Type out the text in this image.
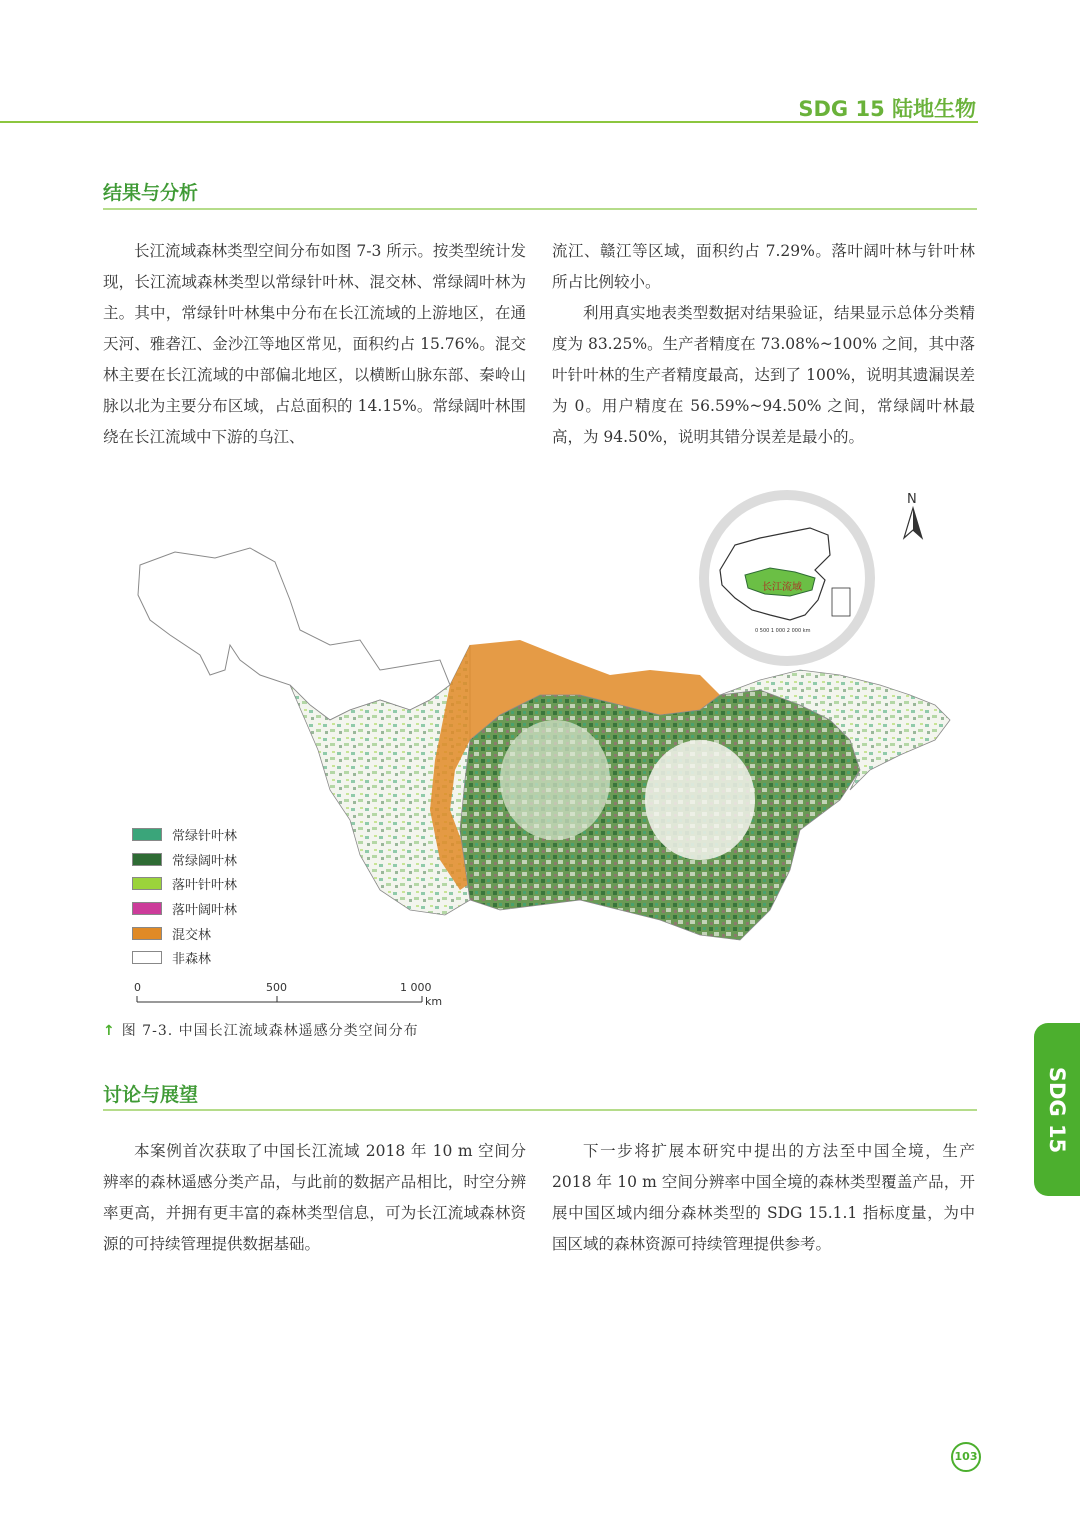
SDG 15 陆地生物
结果与分析

长江流域森林类型空间分布如图 7-3 所示。按类型统计发现，长江流域森林类型以常绿针叶林、混交林、常绿阔叶林为主。其中，常绿针叶林集中分布在长江流域的上游地区，在通天河、雅砻江、金沙江等地区常见，面积约占 15.76%。混交林主要在长江流域的中部偏北地区，以横断山脉东部、秦岭山脉以北为主要分布区域，占总面积的 14.15%。常绿阔叶林围绕在长江流域中下游的乌江、

流江、赣江等区域，面积约占 7.29%。落叶阔叶林与针叶林所占比例较小。

利用真实地表类型数据对结果验证，结果显示总体分类精度为 83.25%。生产者精度在 73.08%~100% 之间，其中落叶针叶林的生产者精度最高，达到了 100%，说明其遗漏误差为 0。用户精度在 56.59%~94.50% 之间，常绿阔叶林最高，为 94.50%，说明其错分误差是最小的。

长江流域
0 500 1 000 2 000 km
N
常绿针叶林
常绿阔叶林
落叶针叶林
落叶阔叶林
混交林
非森林
0	500	1 000
km
↑ 图 7-3. 中国长江流域森林遥感分类空间分布
讨论与展望

本案例首次获取了中国长江流域 2018 年 10 m 空间分辨率的森林遥感分类产品，与此前的数据产品相比，时空分辨率更高，并拥有更丰富的森林类型信息，可为长江流域森林资源的可持续管理提供数据基础。

下一步将扩展本研究中提出的方法至中国全境，生产 2018 年 10 m 空间分辨率中国全境的森林类型覆盖产品，开展中国区域内细分森林类型的 SDG 15.1.1 指标度量，为中国区域的森林资源可持续管理提供参考。

SDG 15
103
